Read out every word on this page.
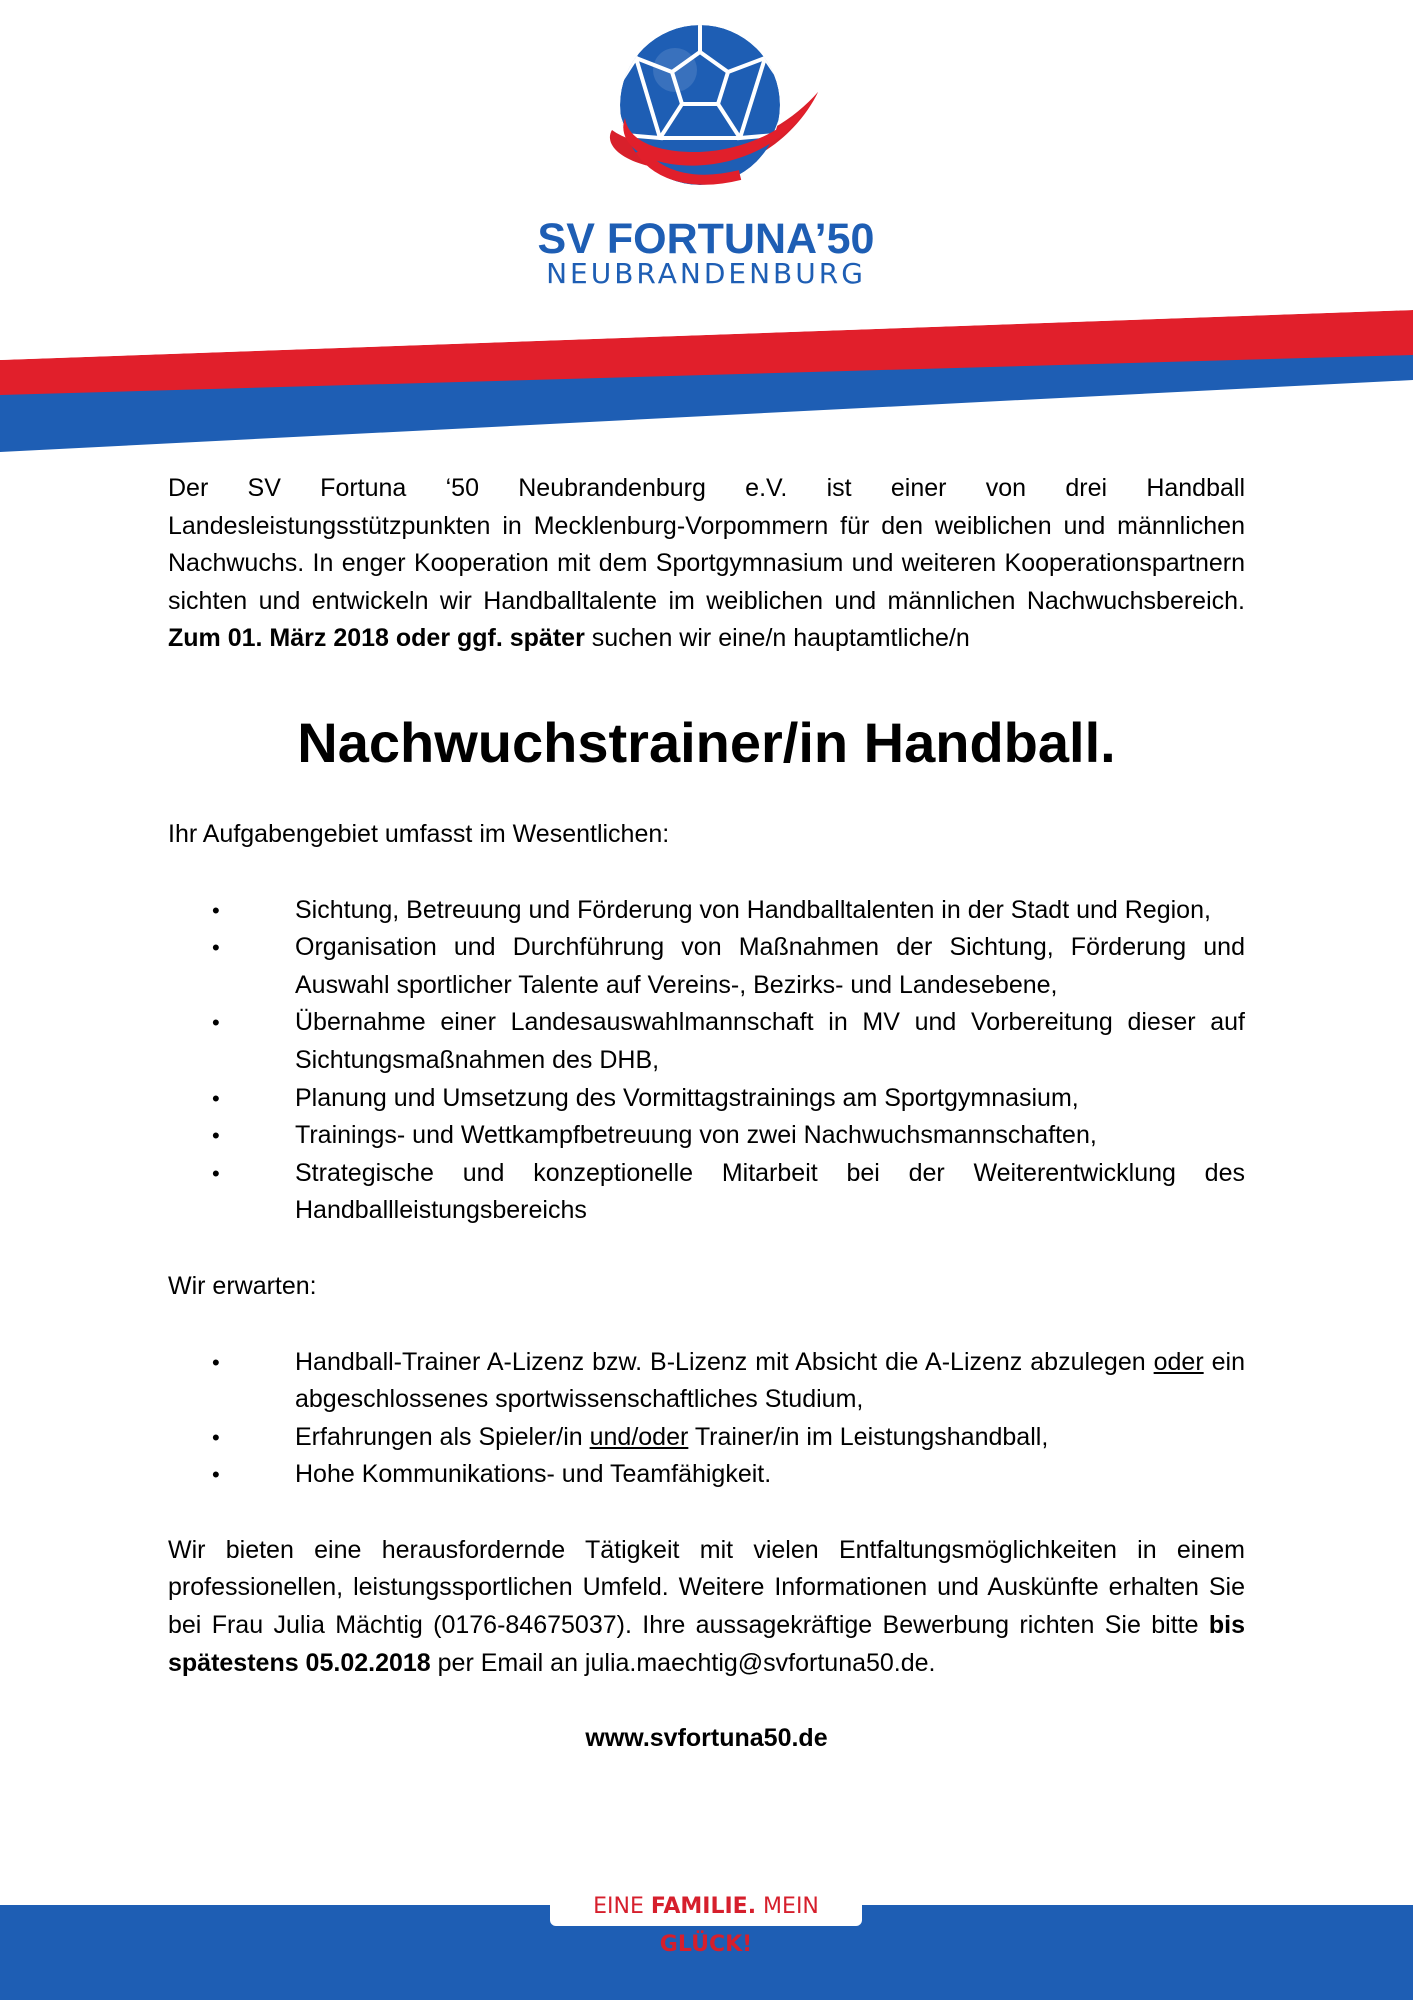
SV FORTUNA’50
NEUBRANDENBURG

Der SV Fortuna ‘50 Neubrandenburg e.V. ist einer von drei Handball Landesleistungsstützpunkten in Mecklenburg-Vorpommern für den weiblichen und männlichen Nachwuchs. In enger Kooperation mit dem Sportgymnasium und weiteren Kooperationspartnern sichten und entwickeln wir Handballtalente im weiblichen und männlichen Nachwuchsbereich. Zum 01. März 2018 oder ggf. später suchen wir eine/n hauptamtliche/n

Nachwuchstrainer/in Handball.

Ihr Aufgabengebiet umfasst im Wesentlichen:

•	Sichtung, Betreuung und Förderung von Handballtalenten in der Stadt und Region,
•	Organisation und Durchführung von Maßnahmen der Sichtung, Förderung und Auswahl sportlicher Talente auf Vereins-, Bezirks- und Landesebene,
•	Übernahme einer Landesauswahlmannschaft in MV und Vorbereitung dieser auf Sichtungsmaßnahmen des DHB,
•	Planung und Umsetzung des Vormittagstrainings am Sportgymnasium,
•	Trainings- und Wettkampfbetreuung von zwei Nachwuchsmannschaften,
•	Strategische und konzeptionelle Mitarbeit bei der Weiterentwicklung des Handballleistungsbereichs

Wir erwarten:

•	Handball-Trainer A-Lizenz bzw. B-Lizenz mit Absicht die A-Lizenz abzulegen oder ein abgeschlossenes sportwissenschaftliches Studium,
•	Erfahrungen als Spieler/in und/oder Trainer/in im Leistungshandball,
•	Hohe Kommunikations- und Teamfähigkeit.

Wir bieten eine herausfordernde Tätigkeit mit vielen Entfaltungsmöglichkeiten in einem professionellen, leistungssportlichen Umfeld. Weitere Informationen und Auskünfte erhalten Sie bei Frau Julia Mächtig (0176-84675037). Ihre aussagekräftige Bewerbung richten Sie bitte bis spätestens 05.02.2018 per Email an julia.maechtig@svfortuna50.de.

www.svfortuna50.de
EINE FAMILIE. MEIN GLÜCK!
